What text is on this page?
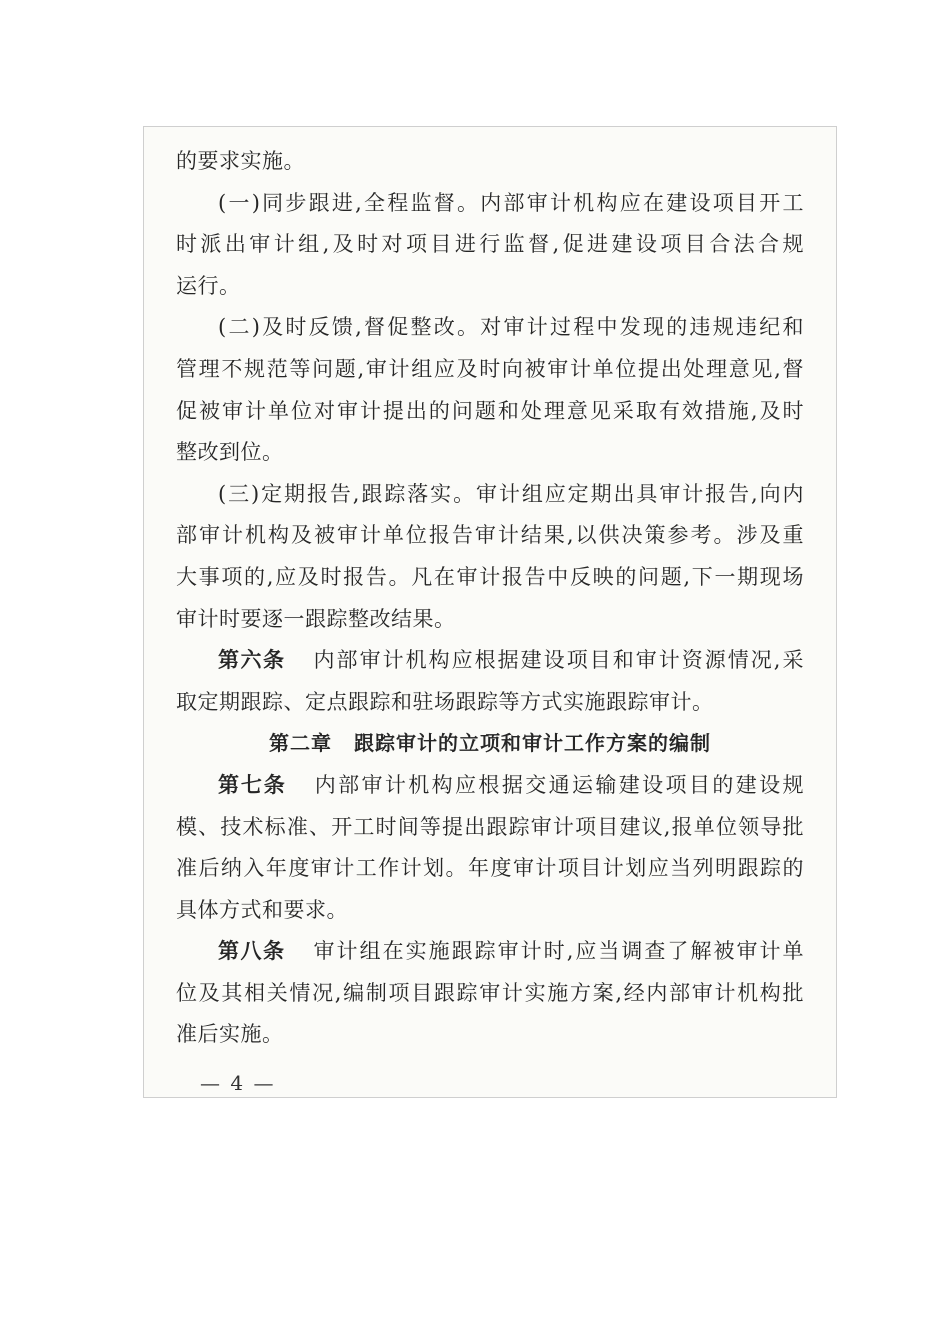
的要求实施。
(一)同步跟进,全程监督。内部审计机构应在建设项目开工
时派出审计组,及时对项目进行监督,促进建设项目合法合规
运行。
(二)及时反馈,督促整改。对审计过程中发现的违规违纪和
管理不规范等问题,审计组应及时向被审计单位提出处理意见,督
促被审计单位对审计提出的问题和处理意见采取有效措施,及时
整改到位。
(三)定期报告,跟踪落实。审计组应定期出具审计报告,向内
部审计机构及被审计单位报告审计结果,以供决策参考。涉及重
大事项的,应及时报告。凡在审计报告中反映的问题,下一期现场
审计时要逐一跟踪整改结果。
第六条 内部审计机构应根据建设项目和审计资源情况,采
取定期跟踪、定点跟踪和驻场跟踪等方式实施跟踪审计。
第二章 跟踪审计的立项和审计工作方案的编制
第七条 内部审计机构应根据交通运输建设项目的建设规
模、技术标准、开工时间等提出跟踪审计项目建议,报单位领导批
准后纳入年度审计工作计划。年度审计项目计划应当列明跟踪的
具体方式和要求。
第八条 审计组在实施跟踪审计时,应当调查了解被审计单
位及其相关情况,编制项目跟踪审计实施方案,经内部审计机构批
准后实施。
— 4 —
